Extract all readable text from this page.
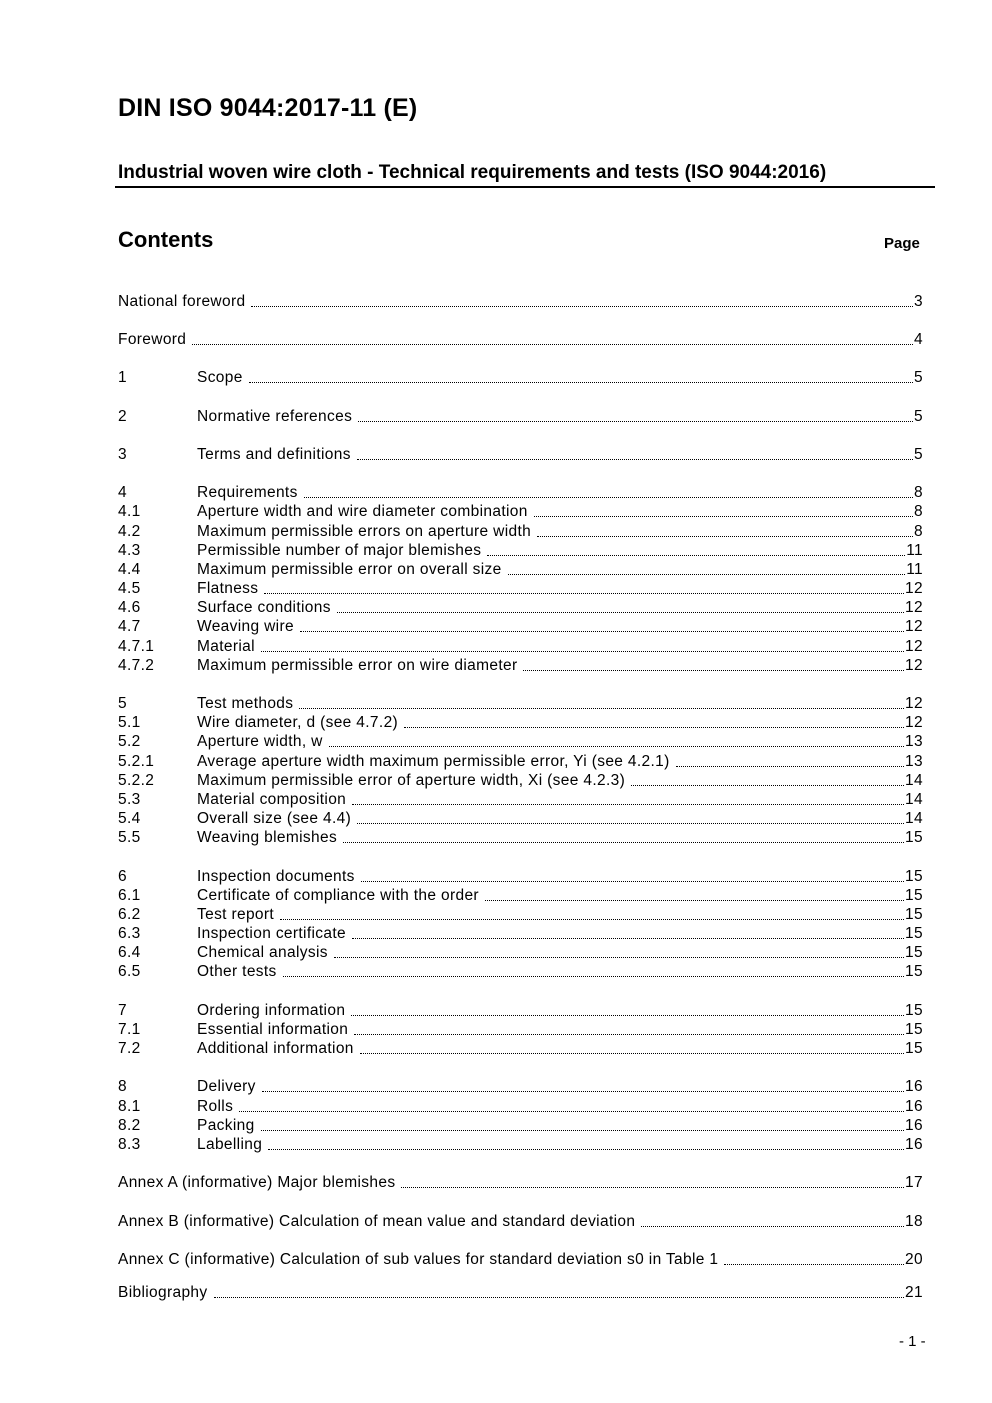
DIN ISO 9044:2017-11 (E)
Industrial woven wire cloth - Technical requirements and tests (ISO 9044:2016)
Contents	Page
National foreword	3
Foreword	4
1	Scope	5
2	Normative references	5
3	Terms and definitions	5
4	Requirements	8
4.1	Aperture width and wire diameter combination	8
4.2	Maximum permissible errors on aperture width	8
4.3	Permissible number of major blemishes	11
4.4	Maximum permissible error on overall size	11
4.5	Flatness	12
4.6	Surface conditions	12
4.7	Weaving wire	12
4.7.1	Material	12
4.7.2	Maximum permissible error on wire diameter	12
5	Test methods	12
5.1	Wire diameter, d (see 4.7.2)	12
5.2	Aperture width, w	13
5.2.1	Average aperture width maximum permissible error, Yi (see 4.2.1)	13
5.2.2	Maximum permissible error of aperture width, Xi (see 4.2.3)	14
5.3	Material composition	14
5.4	Overall size (see 4.4)	14
5.5	Weaving blemishes	15
6	Inspection documents	15
6.1	Certificate of compliance with the order	15
6.2	Test report	15
6.3	Inspection certificate	15
6.4	Chemical analysis	15
6.5	Other tests	15
7	Ordering information	15
7.1	Essential information	15
7.2	Additional information	15
8	Delivery	16
8.1	Rolls	16
8.2	Packing	16
8.3	Labelling	16
Annex A (informative) Major blemishes	17
Annex B (informative) Calculation of mean value and standard deviation	18
Annex C (informative) Calculation of sub values for standard deviation s0 in Table 1	20
Bibliography	21
- 1 -
